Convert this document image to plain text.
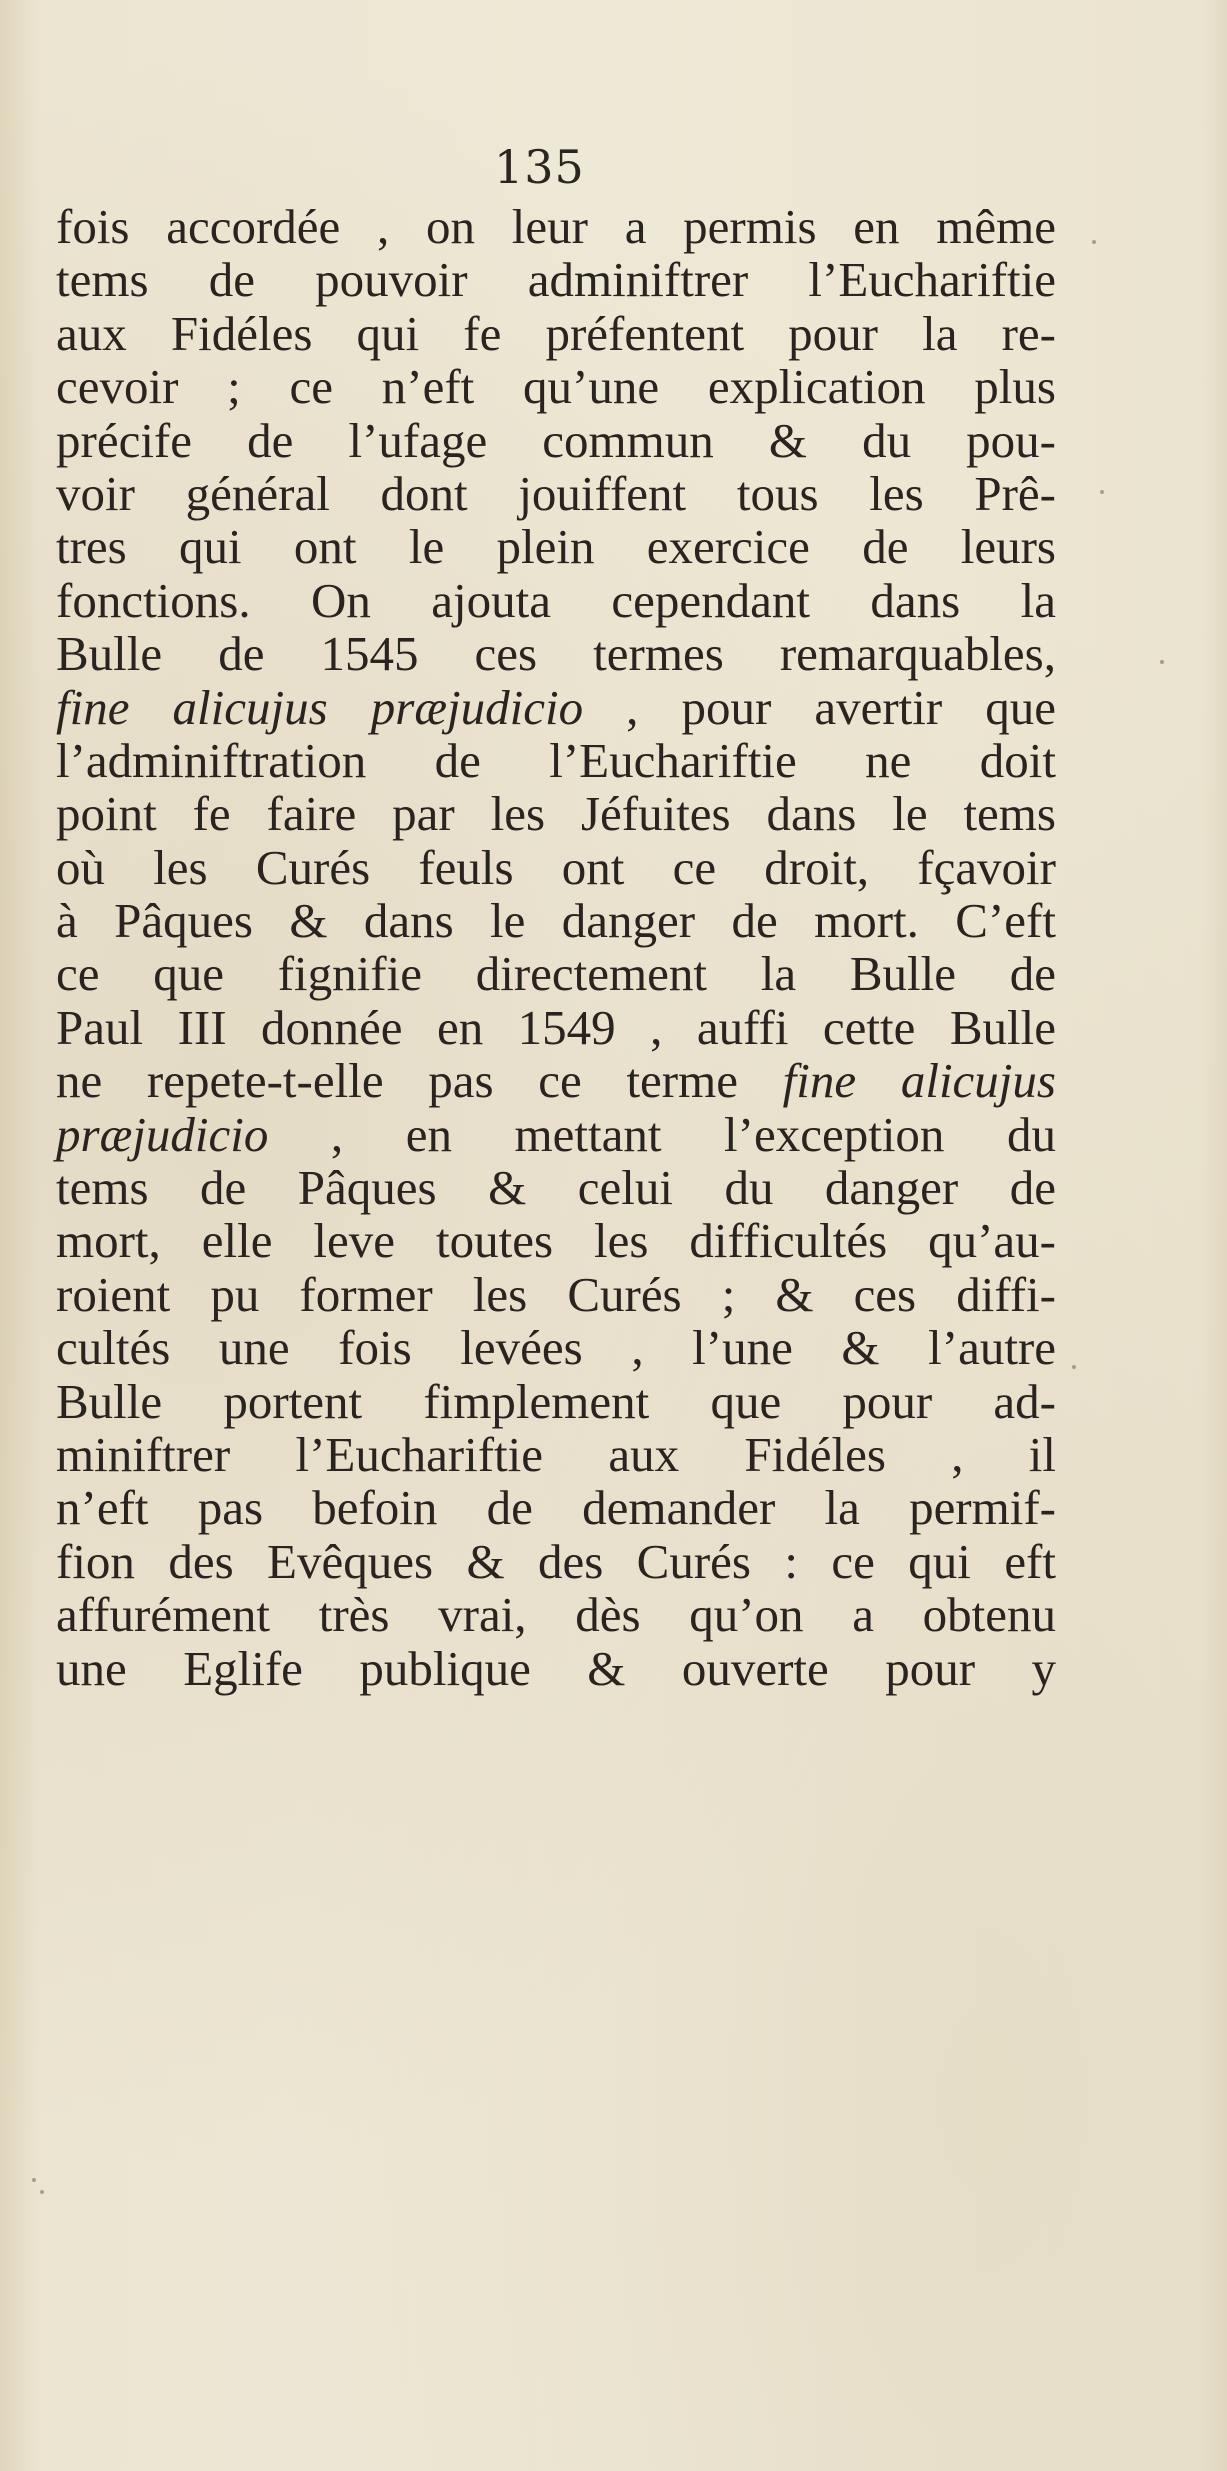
135
fois accordée , on leur a permis en même
tems de pouvoir adminiftrer l’Euchariftie
aux Fidéles qui fe préfentent pour la re-
cevoir ; ce n’eft qu’une explication plus
précife de l’ufage commun & du pou-
voir général dont jouiffent tous les Prê-
tres qui ont le plein exercice de leurs
fonctions. On ajouta cependant dans la
Bulle de 1545 ces termes remarquables,
fine alicujus præjudicio , pour avertir que
l’adminiftration de l’Euchariftie ne doit
point fe faire par les Jéfuites dans le tems
où les Curés feuls ont ce droit, fçavoir
à Pâques & dans le danger de mort. C’eft
ce que fignifie directement la Bulle de
Paul III donnée en 1549 , auffi cette Bulle
ne repete-t-elle pas ce terme fine alicujus
præjudicio , en mettant l’exception du
tems de Pâques & celui du danger de
mort, elle leve toutes les difficultés qu’au-
roient pu former les Curés ; & ces diffi-
cultés une fois levées , l’une & l’autre
Bulle portent fimplement que pour ad-
miniftrer l’Euchariftie aux Fidéles , il
n’eft pas befoin de demander la permif-
fion des Evêques & des Curés : ce qui eft
affurément très vrai, dès qu’on a obtenu
une Eglife publique & ouverte pour y
